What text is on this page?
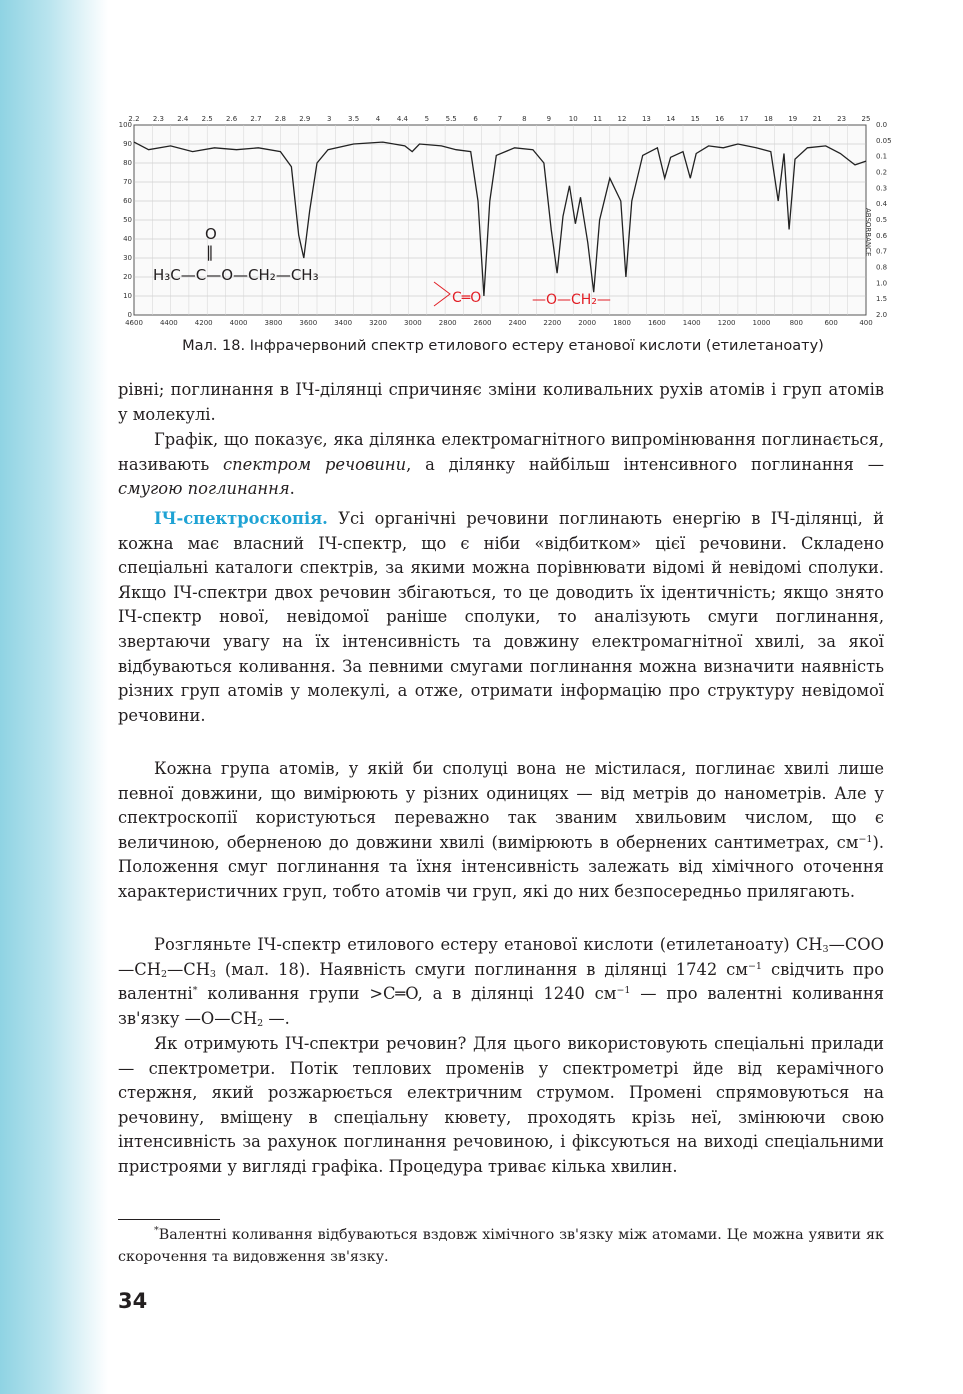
2.2 2.3 2.4 2.5 2.6 2.7 2.8 2.9 3 3.5 4 4.4 5 5.5 6	7	8	9	10 11 12 13 14 15 16 17 18 19 21 23 25
4600 4400 4200 4000 3800 3600 3400 3200 3000 2800 2600 2400 2200 2000 1800 1600 1400 1200 1000	800	600	400
100
90
80
70
60
50
40
30
20
10
0
0.0
0.05
0.1
0.2
0.3
0.4
0.5
0.6
0.7
0.8
1.0
1.5
2.0
ABSORBANCE
O
‖
H₃C—C—O—CH₂—CH₃
C═O	—O—CH₂—
Мал. 18. Інфрачервоний спектр етилового естеру етанової кислоти (етилетаноату)

рівні; поглинання в ІЧ-ділянці спричиняє зміни коливальних рухів атомів і груп атомів у молекулі.

Графік, що показує, яка ділянка електромагнітного випромінювання поглинається, називають спектром речовини, а ділянку найбільш інтенсивного поглинання — смугою поглинання.

ІЧ-спектроскопія. Усі органічні речовини поглинають енергію в ІЧ-ділянці, й кожна має власний ІЧ-спектр, що є ніби «відбитком» цієї речовини. Складено спеціальні каталоги спектрів, за якими можна порівнювати відомі й невідомі сполуки. Якщо ІЧ-спектри двох речовин збігаються, то це доводить їх ідентичність; якщо знято ІЧ-спектр нової, невідомої раніше сполуки, то аналізують смуги поглинання, звертаючи увагу на їх інтенсивність та довжину електромагнітної хвилі, за якої відбуваються коливання. За певними смугами поглинання можна визначити наявність різних груп атомів у молекулі, а отже, отримати інформацію про структуру невідомої речовини.

Кожна група атомів, у якій би сполуці вона не містилася, поглинає хвилі лише певної довжини, що вимірюють у різних одиницях — від метрів до нанометрів. Але у спектроскопії користуються переважно так званим хвильовим числом, що є величиною, оберненою до довжини хвилі (вимірюють в обернених сантиметрах, $см^{-1}$). Положення смуг поглинання та їхня інтенсивність залежать від хімічного оточення характеристичних груп, тобто атомів чи груп, які до них безпосередньо прилягають.

Розгляньте ІЧ-спектр етилового естеру етанової кислоти (етилетаноату) $CH_3—COO—CH_2—CH_3$ (мал. 18). Наявність смуги поглинання в ділянці 1742 $см^{-1}$ свідчить про валентні* коливання групи >C═O, а в ділянці 1240 $см^{-1}$ — про валентні коливання зв'язку $—O—CH_2$ —.

Як отримують ІЧ-спектри речовин? Для цього використовують спеціальні прилади — спектрометри. Потік теплових променів у спектрометрі йде від керамічного стержня, який розжарюється електричним струмом. Промені спрямовуються на речовину, вміщену в спеціальну кювету, проходять крізь неї, змінюючи свою інтенсивність за рахунок поглинання речовиною, і фіксуються на виході спеціальними пристроями у вигляді графіка. Процедура триває кілька хвилин.

*Валентні коливання відбуваються вздовж хімічного зв'язку між атомами. Це можна уявити як скорочення та видовження зв'язку.
34
